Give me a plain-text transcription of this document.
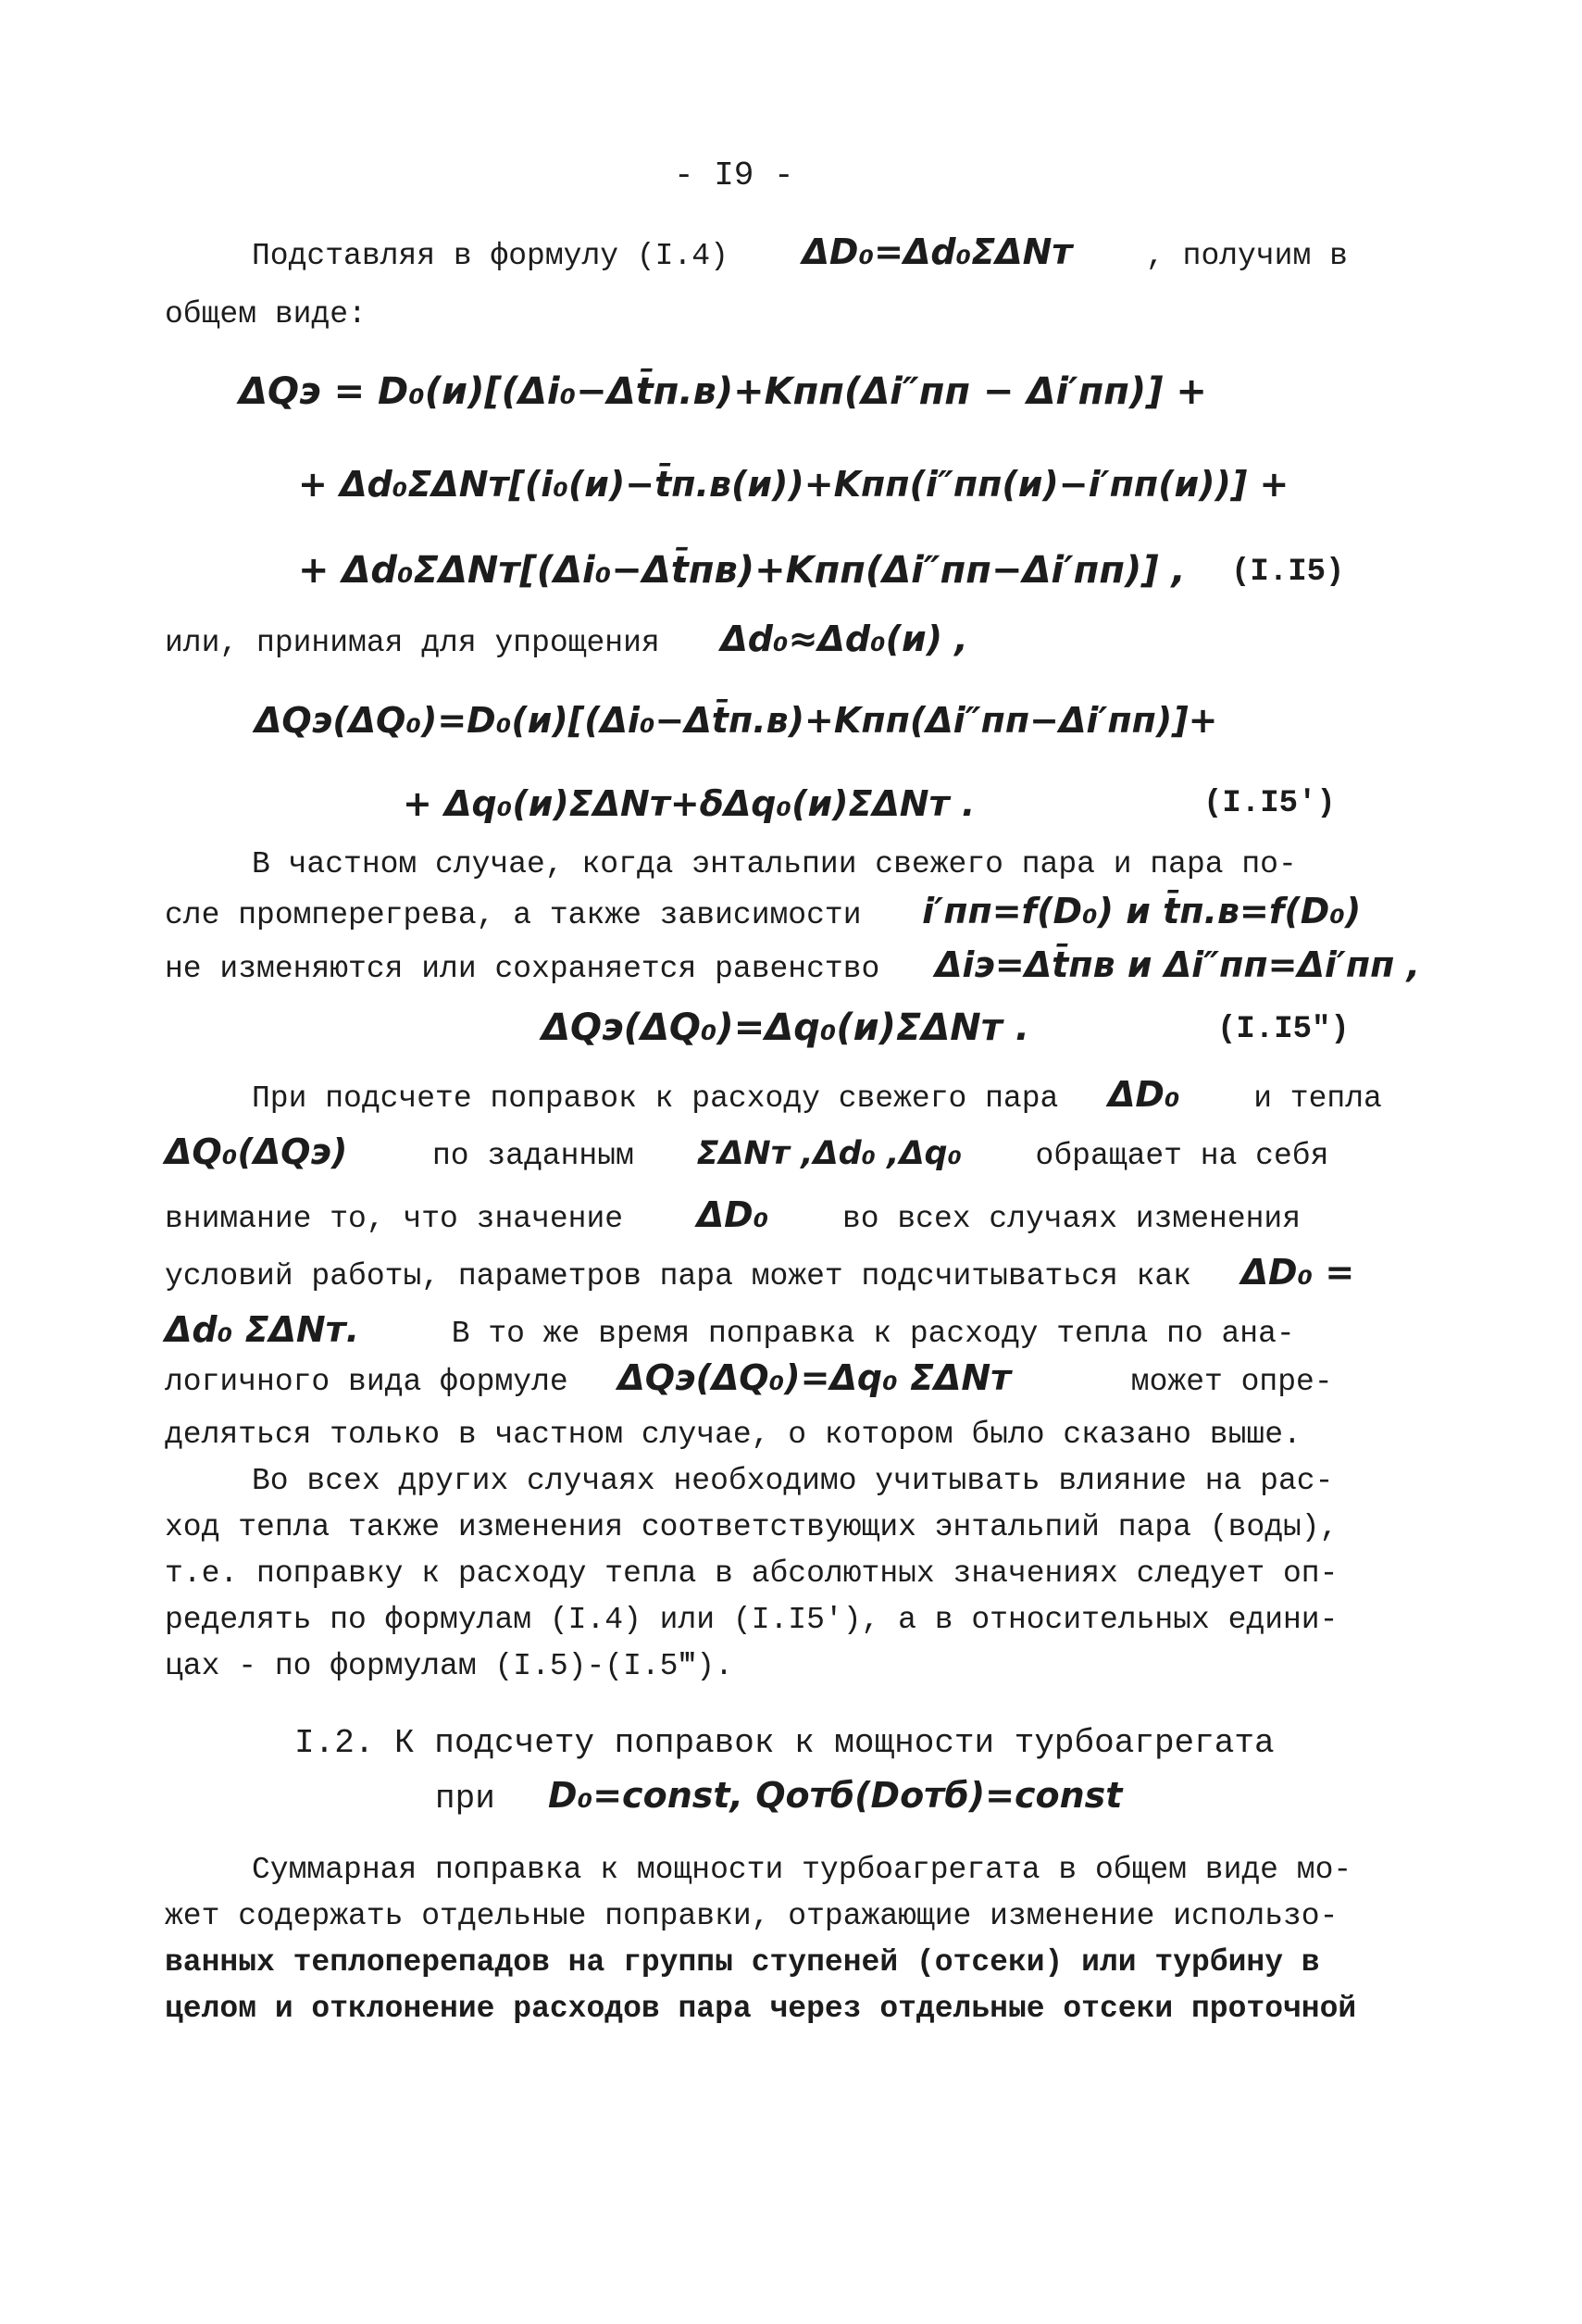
- I9 -
Подставляя в формулу (I.4) ΔD₀=Δd₀ΣΔNт , получим в
общем виде:
ΔQэ = D₀(и)[(Δi₀−Δt̄п.в)+Kпп(Δi″пп − Δi′пп)] +
+ Δd₀ΣΔNт[(i₀(и)−t̄п.в(и))+Kпп(i″пп(и)−i′пп(и))] +
+ Δd₀ΣΔNт[(Δi₀−Δt̄пв)+Kпп(Δi″пп−Δi′пп)] , (I.I5)
или, принимая для упрощения Δd₀≈Δd₀(и) ,
ΔQэ(ΔQ₀)=D₀(и)[(Δi₀−Δt̄п.в)+Kпп(Δi″пп−Δi′пп)]+
+ Δq₀(и)ΣΔNт+δΔq₀(и)ΣΔNт .	(I.I5′)
В частном случае, когда энтальпии свежего пара и пара по-
сле промперегрева, а также зависимости i′пп=f(D₀) и t̄п.в=f(D₀)
не изменяются или сохраняется равенство Δiэ=Δt̄пв и Δi″пп=Δi′пп ,
ΔQэ(ΔQ₀)=Δq₀(и)ΣΔNт .	(I.I5")
При подсчете поправок к расходу свежего пара ΔD₀ и тепла
ΔQ₀(ΔQэ)	по заданным ΣΔNт ,Δd₀ ,Δq₀ обращает на себя
внимание то, что значение ΔD₀ во всех случаях изменения
условий работы, параметров пара может подсчитываться как ΔD₀ =
Δd₀ ΣΔNт.	В то же время поправка к расходу тепла по ана-
логичного вида формуле ΔQэ(ΔQ₀)=Δq₀ ΣΔNт	может опре-
деляться только в частном случае, о котором было сказано выше.
Во всех других случаях необходимо учитывать влияние на рас-
ход тепла также изменения соответствующих энтальпий пара (воды),
т.е. поправку к расходу тепла в абсолютных значениях следует оп-
ределять по формулам (I.4) или (I.I5′), а в относительных едини-
цах - по формулам (I.5)-(I.5‴).
I.2. К подсчету поправок к мощности турбоагрегата
при D₀=const, Qотб(Dотб)=const
Суммарная поправка к мощности турбоагрегата в общем виде мо-
жет содержать отдельные поправки, отражающие изменение использо-
ванных теплоперепадов на группы ступеней (отсеки) или турбину в
целом и отклонение расходов пара через отдельные отсеки проточной
